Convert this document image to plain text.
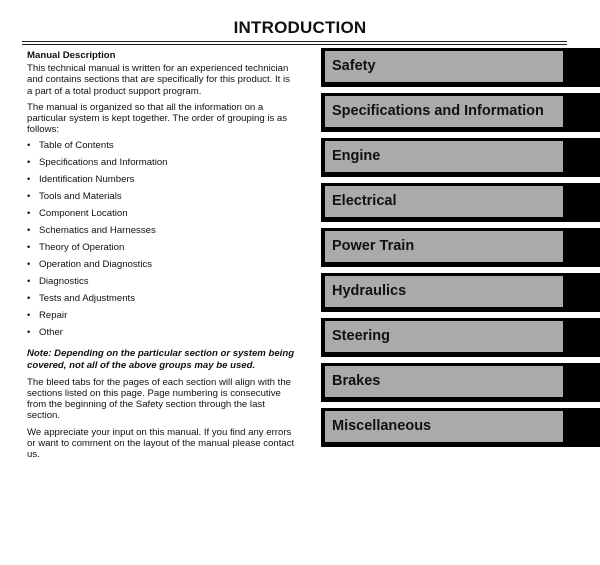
INTRODUCTION
Manual Description

This technical manual is written for an experienced technician and contains sections that are specifically for this product. It is a part of a total product support program.

The manual is organized so that all the information on a particular system is kept together. The order of grouping is as follows:

• Table of Contents
• Specifications and Information
• Identification Numbers
• Tools and Materials
• Component Location
• Schematics and Harnesses
• Theory of Operation
• Operation and Diagnostics
• Diagnostics
• Tests and Adjustments
• Repair
• Other

Note: Depending on the particular section or system being covered, not all of the above groups may be used.

The bleed tabs for the pages of each section will align with the sections listed on this page. Page numbering is consecutive from the beginning of the Safety section through the last section.

We appreciate your input on this manual. If you find any errors or want to comment on the layout of the manual please contact us.

Safety
Specifications and Information
Engine
Electrical
Power Train
Hydraulics
Steering
Brakes
Miscellaneous
